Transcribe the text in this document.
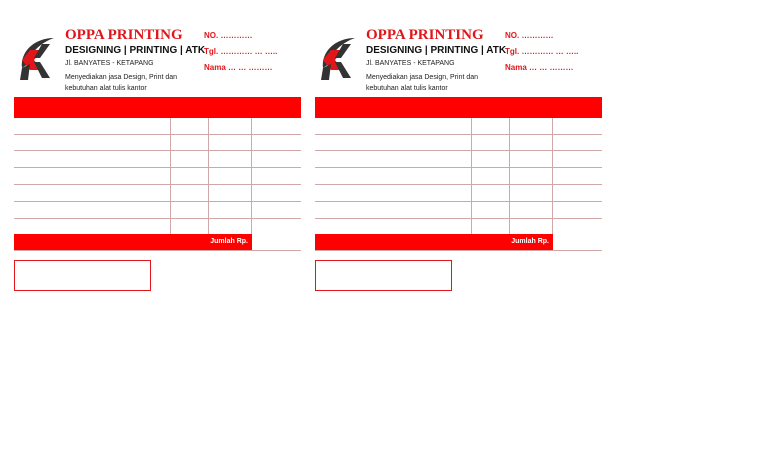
OPPA PRINTING
DESIGNING | PRINTING | ATK
Jl. BANYATES - KETAPANG
Menyediakan jasa Design, Print dan kebutuhan alat tulis kantor
NO. …………
Tgl. ………… … …..
Nama … … ………
Jumlah Rp.
OPPA PRINTING
DESIGNING | PRINTING | ATK
Jl. BANYATES - KETAPANG
Menyediakan jasa Design, Print dan kebutuhan alat tulis kantor
NO. …………
Tgl. ………… … …..
Nama … … ………
Jumlah Rp.
